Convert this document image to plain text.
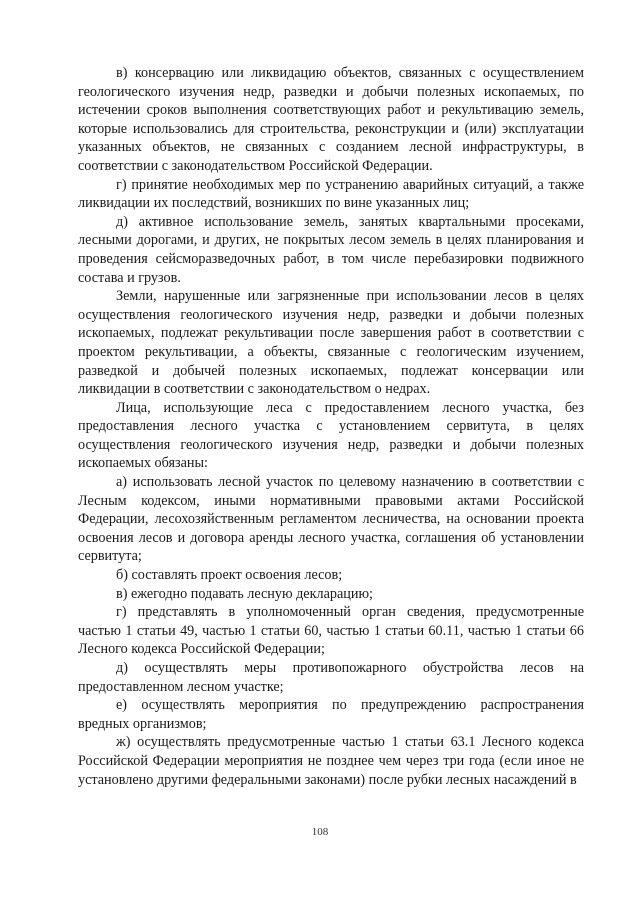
в) консервацию или ликвидацию объектов, связанных с осуществлением геологического изучения недр, разведки и добычи полезных ископаемых, по истечении сроков выполнения соответствующих работ и рекультивацию земель, которые использовались для строительства, реконструкции и (или) эксплуатации указанных объектов, не связанных с созданием лесной инфраструктуры, в соответствии с законодательством Российской Федерации.

г) принятие необходимых мер по устранению аварийных ситуаций, а также ликвидации их последствий, возникших по вине указанных лиц;

д) активное использование земель, занятых квартальными просеками, лесными дорогами, и других, не покрытых лесом земель в целях планирования и проведения сейсморазведочных работ, в том числе перебазировки подвижного состава и грузов.

Земли, нарушенные или загрязненные при использовании лесов в целях осуществления геологического изучения недр, разведки и добычи полезных ископаемых, подлежат рекультивации после завершения работ в соответствии с проектом рекультивации, а объекты, связанные с геологическим изучением, разведкой и добычей полезных ископаемых, подлежат консервации или ликвидации в соответствии с законодательством о недрах.

Лица, использующие леса с предоставлением лесного участка, без предоставления лесного участка с установлением сервитута, в целях осуществления геологического изучения недр, разведки и добычи полезных ископаемых обязаны:

а) использовать лесной участок по целевому назначению в соответствии с Лесным кодексом, иными нормативными правовыми актами Российской Федерации, лесохозяйственным регламентом лесничества, на основании проекта освоения лесов и договора аренды лесного участка, соглашения об установлении сервитута;

б) составлять проект освоения лесов;

в) ежегодно подавать лесную декларацию;

г) представлять в уполномоченный орган сведения, предусмотренные частью 1 статьи 49, частью 1 статьи 60, частью 1 статьи 60.11, частью 1 статьи 66 Лесного кодекса Российской Федерации;

д) осуществлять меры противопожарного обустройства лесов на предоставленном лесном участке;

е) осуществлять мероприятия по предупреждению распространения вредных организмов;

ж) осуществлять предусмотренные частью 1 статьи 63.1 Лесного кодекса Российской Федерации мероприятия не позднее чем через три года (если иное не установлено другими федеральными законами) после рубки лесных насаждений в

108
